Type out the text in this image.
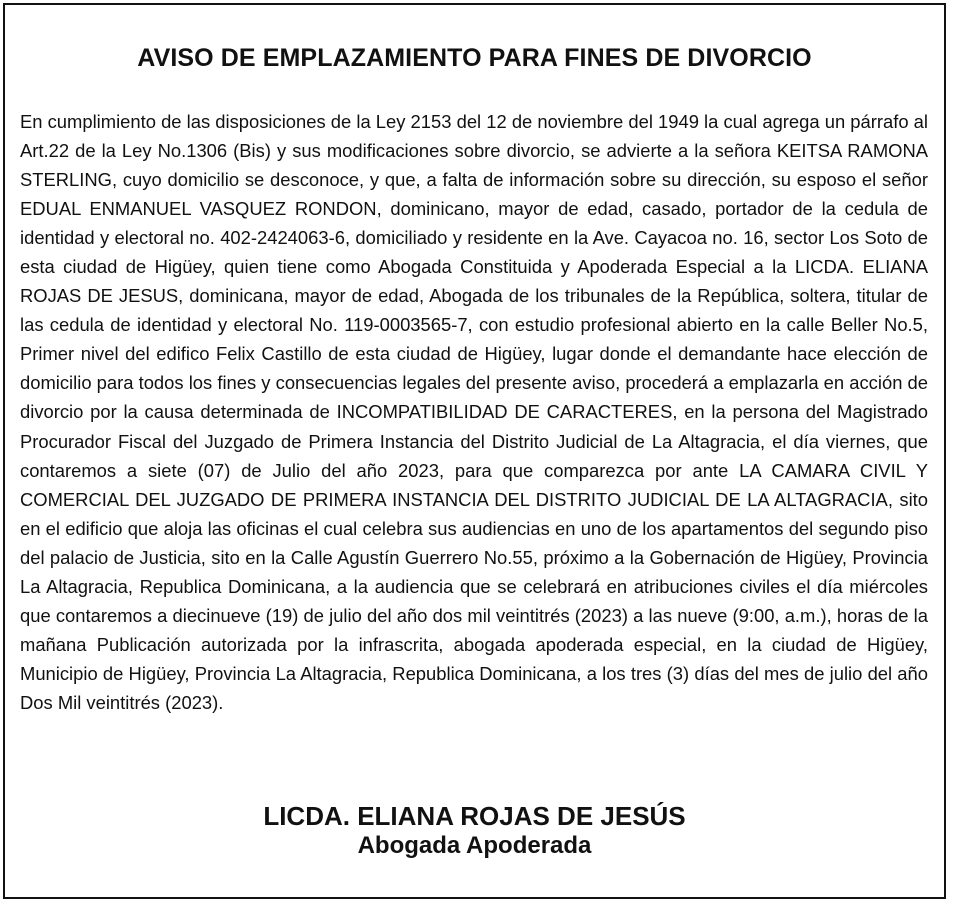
AVISO DE EMPLAZAMIENTO PARA FINES DE DIVORCIO

En cumplimiento de las disposiciones de la Ley 2153 del 12 de noviembre del 1949 la cual agrega un párrafo al Art.22 de la Ley No.1306 (Bis) y sus modificaciones sobre divorcio, se advierte a la señora KEITSA RAMONA STERLING, cuyo domicilio se desconoce, y que, a falta de información sobre su dirección, su esposo el señor EDUAL ENMANUEL VASQUEZ RONDON, dominicano, mayor de edad, casado, portador de la cedula de identidad y electoral no. 402-2424063-6, domiciliado y residente en la Ave. Cayacoa no. 16, sector Los Soto de esta ciudad de Higüey, quien tiene como Abogada Constituida y Apoderada Especial a la LICDA. ELIANA ROJAS DE JESUS, dominicana, mayor de edad, Abogada de los tribunales de la República, soltera, titular de las cedula de identidad y electoral No. 119-0003565-7, con estudio profesional abierto en la calle Beller No.5, Primer nivel del edifico Felix Castillo de esta ciudad de Higüey, lugar donde el demandante hace elección de domicilio para todos los fines y consecuencias legales del presente aviso, procederá a emplazarla en acción de divorcio por la causa determinada de INCOMPATIBILIDAD DE CARACTERES, en la persona del Magistrado Procurador Fiscal del Juzgado de Primera Instancia del Distrito Judicial de La Altagracia, el día viernes, que contaremos a siete (07) de Julio del año 2023, para que comparezca por ante LA CAMARA CIVIL Y COMERCIAL DEL JUZGADO DE PRIMERA INSTANCIA DEL DISTRITO JUDICIAL DE LA ALTAGRACIA, sito en el edificio que aloja las oficinas el cual celebra sus audiencias en uno de los apartamentos del segundo piso del palacio de Justicia, sito en la Calle Agustín Guerrero No.55, próximo a la Gobernación de Higüey, Provincia La Altagracia, Republica Dominicana, a la audiencia que se celebrará en atribuciones civiles el día miércoles que contaremos a diecinueve (19) de julio del año dos mil veintitrés (2023) a las nueve (9:00, a.m.), horas de la mañana Publicación autorizada por la infrascrita, abogada apoderada especial, en la ciudad de Higüey, Municipio de Higüey, Provincia La Altagracia, Republica Dominicana, a los tres (3) días del mes de julio del año Dos Mil veintitrés (2023).

LICDA. ELIANA ROJAS DE JESÚS
Abogada Apoderada
